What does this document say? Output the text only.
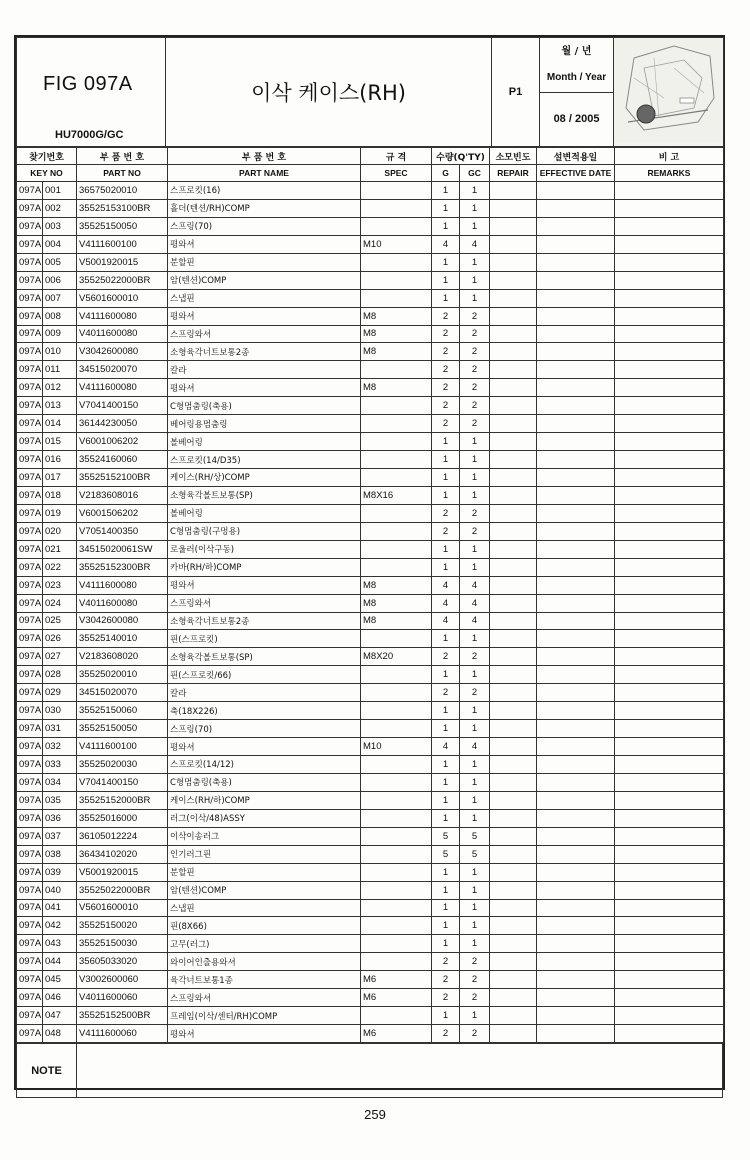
FIG 097A
HU7000G/GC
	이삭 케이스(RH)	P1	
월 / 년
Month / Year

08 / 2005
찾기번호		부 품 번 호	부 품 번 호	규 격	수량(Q'TY)		소모빈도	설변적용일	비 고
KEY NO		PART NO	PART NAME	SPEC	G	GC	REPAIR	EFFECTIVE DATE	REMARKS
097A	001	36575020010	스프로킷(16)		1	1			
097A	002	35525153100BR	홀더(텐션/RH)COMP		1	1			
097A	003	35525150050	스프링(70)		1	1			
097A	004	V4111600100	평와셔	M10	4	4			
097A	005	V5001920015	분할핀		1	1			
097A	006	35525022000BR	암(텐션)COMP		1	1			
097A	007	V5601600010	스냅핀		1	1			
097A	008	V4111600080	평와셔	M8	2	2			
097A	009	V4011600080	스프링와셔	M8	2	2			
097A	010	V3042600080	소형육각너트보통2종	M8	2	2			
097A	011	34515020070	칼라		2	2			
097A	012	V4111600080	평와셔	M8	2	2			
097A	013	V7041400150	C형멈춤링(축용)		2	2			
097A	014	36144230050	베어링용멈춤링		2	2			
097A	015	V6001006202	볼베어링		1	1			
097A	016	35524160060	스프로킷(14/D35)		1	1			
097A	017	35525152100BR	케이스(RH/상)COMP		1	1			
097A	018	V2183608016	소형육각볼트보통(SP)	M8X16	1	1			
097A	019	V6001506202	볼베어링		2	2			
097A	020	V7051400350	C형멈춤링(구멍용)		2	2			
097A	021	34515020061SW	로울러(이삭구동)		1	1			
097A	022	35525152300BR	카바(RH/하)COMP		1	1			
097A	023	V4111600080	평와셔	M8	4	4			
097A	024	V4011600080	스프링와셔	M8	4	4			
097A	025	V3042600080	소형육각너트보통2종	M8	4	4			
097A	026	35525140010	핀(스프로킷)		1	1			
097A	027	V2183608020	소형육각볼트보통(SP)	M8X20	2	2			
097A	028	35525020010	핀(스프로킷/66)		1	1			
097A	029	34515020070	칼라		2	2			
097A	030	35525150060	축(18X226)		1	1			
097A	031	35525150050	스프링(70)		1	1			
097A	032	V4111600100	평와셔	M10	4	4			
097A	033	35525020030	스프로킷(14/12)		1	1			
097A	034	V7041400150	C형멈춤링(축용)		1	1			
097A	035	35525152000BR	케이스(RH/하)COMP		1	1			
097A	036	35525016000	러그(이삭/48)ASSY		1	1			
097A	037	36105012224	이삭이송러그		5	5			
097A	038	36434102020	인기러그핀		5	5			
097A	039	V5001920015	분할핀		1	1			
097A	040	35525022000BR	암(텐션)COMP		1	1			
097A	041	V5601600010	스냅핀		1	1			
097A	042	35525150020	핀(8X66)		1	1			
097A	043	35525150030	고무(러그)		1	1			
097A	044	35605033020	와이어인출용와셔		2	2			
097A	045	V3002600060	육각너트보통1종	M6	2	2			
097A	046	V4011600060	스프링와셔	M6	2	2			
097A	047	35525152500BR	프레임(이삭/센터/RH)COMP		1	1			
097A	048	V4111600060	평와셔	M6	2	2			
NOTE	
259
